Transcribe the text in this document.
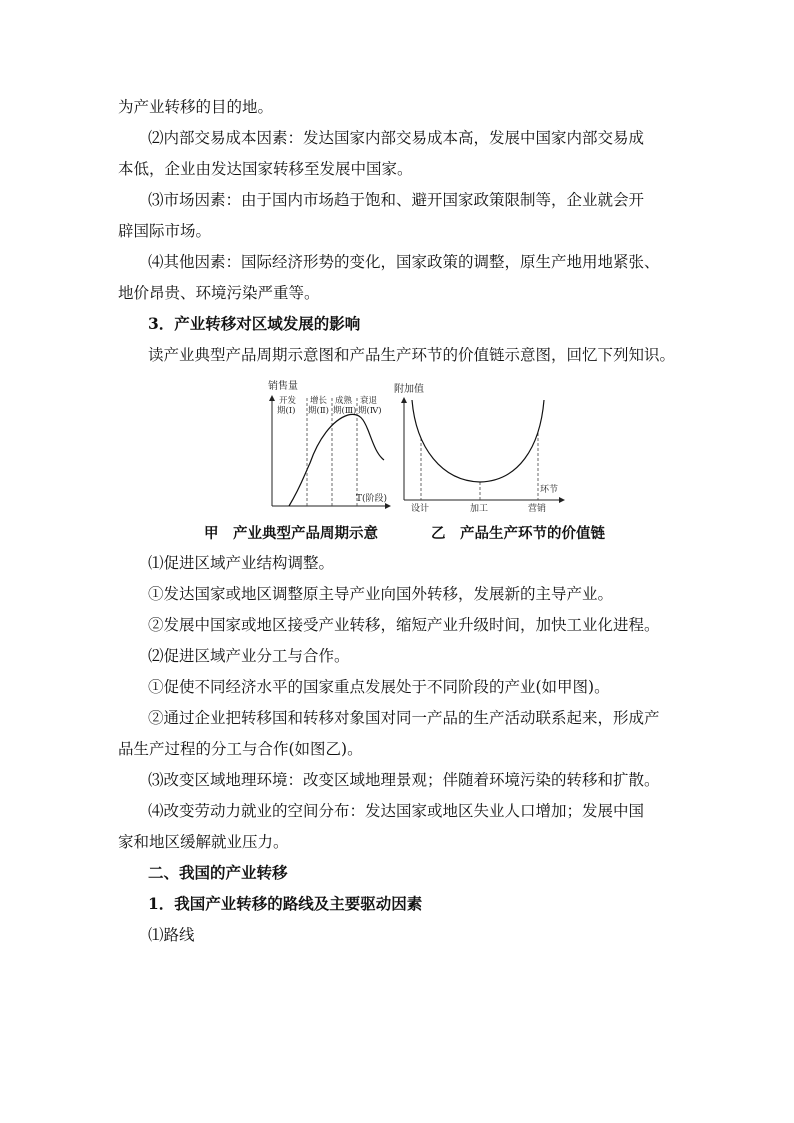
为产业转移的目的地。
⑵内部交易成本因素：发达国家内部交易成本高，发展中国家内部交易成
本低，企业由发达国家转移至发展中国家。
⑶市场因素：由于国内市场趋于饱和、避开国家政策限制等，企业就会开
辟国际市场。
⑷其他因素：国际经济形势的变化，国家政策的调整，原生产地用地紧张、
地价昂贵、环境污染严重等。
3．产业转移对区域发展的影响
读产业典型产品周期示意图和产品生产环节的价值链示意图，回忆下列知识。
销售量
开发
期(Ⅰ)
增长
期(Ⅱ)
成熟
期(Ⅲ)
衰退
期(Ⅳ)
T(阶段)
附加值
环节
设计	加工	营销
甲　产业典型产品周期示意	乙　产品生产环节的价值链
⑴促进区域产业结构调整。
①发达国家或地区调整原主导产业向国外转移，发展新的主导产业。
②发展中国家或地区接受产业转移，缩短产业升级时间，加快工业化进程。
⑵促进区域产业分工与合作。
①促使不同经济水平的国家重点发展处于不同阶段的产业(如甲图)。
②通过企业把转移国和转移对象国对同一产品的生产活动联系起来，形成产
品生产过程的分工与合作(如图乙)。
⑶改变区域地理环境：改变区域地理景观；伴随着环境污染的转移和扩散。
⑷改变劳动力就业的空间分布：发达国家或地区失业人口增加；发展中国
家和地区缓解就业压力。
二、我国的产业转移
1．我国产业转移的路线及主要驱动因素
⑴路线
